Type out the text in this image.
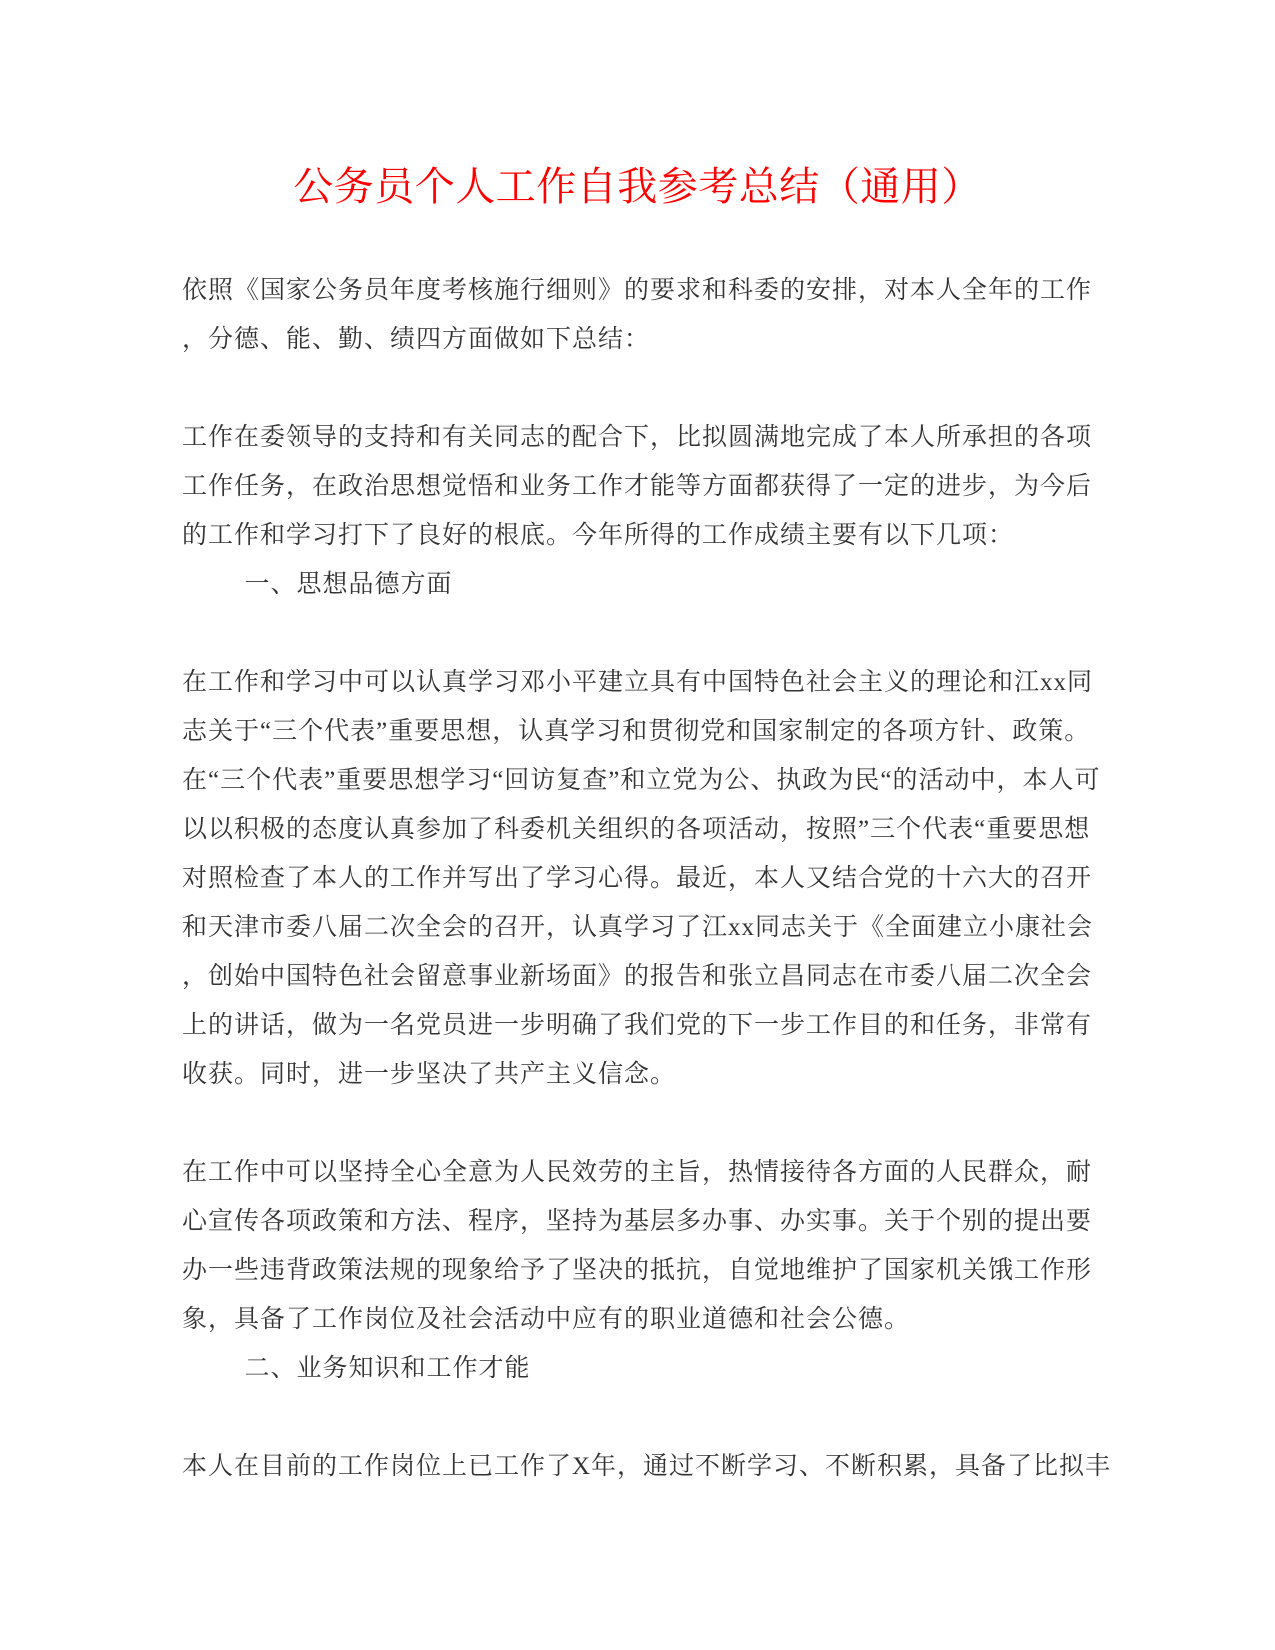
公务员个人工作自我参考总结（通用）
依照《国家公务员年度考核施行细则》的要求和科委的安排，对本人全年的工作
，分德、能、勤、绩四方面做如下总结：
工作在委领导的支持和有关同志的配合下，比拟圆满地完成了本人所承担的各项
工作任务，在政治思想觉悟和业务工作才能等方面都获得了一定的进步，为今后
的工作和学习打下了良好的根底。今年所得的工作成绩主要有以下几项：
一、思想品德方面
在工作和学习中可以认真学习邓小平建立具有中国特色社会主义的理论和江xx同
志关于“三个代表”重要思想，认真学习和贯彻党和国家制定的各项方针、政策。
在“三个代表”重要思想学习“回访复查”和立党为公、执政为民“的活动中，本人可
以以积极的态度认真参加了科委机关组织的各项活动，按照”三个代表“重要思想
对照检查了本人的工作并写出了学习心得。最近，本人又结合党的十六大的召开
和天津市委八届二次全会的召开，认真学习了江xx同志关于《全面建立小康社会
，创始中国特色社会留意事业新场面》的报告和张立昌同志在市委八届二次全会
上的讲话，做为一名党员进一步明确了我们党的下一步工作目的和任务，非常有
收获。同时，进一步坚决了共产主义信念。
在工作中可以坚持全心全意为人民效劳的主旨，热情接待各方面的人民群众，耐
心宣传各项政策和方法、程序，坚持为基层多办事、办实事。关于个别的提出要
办一些违背政策法规的现象给予了坚决的抵抗，自觉地维护了国家机关饿工作形
象，具备了工作岗位及社会活动中应有的职业道德和社会公德。
二、业务知识和工作才能
本人在目前的工作岗位上已工作了X年，通过不断学习、不断积累，具备了比拟丰
